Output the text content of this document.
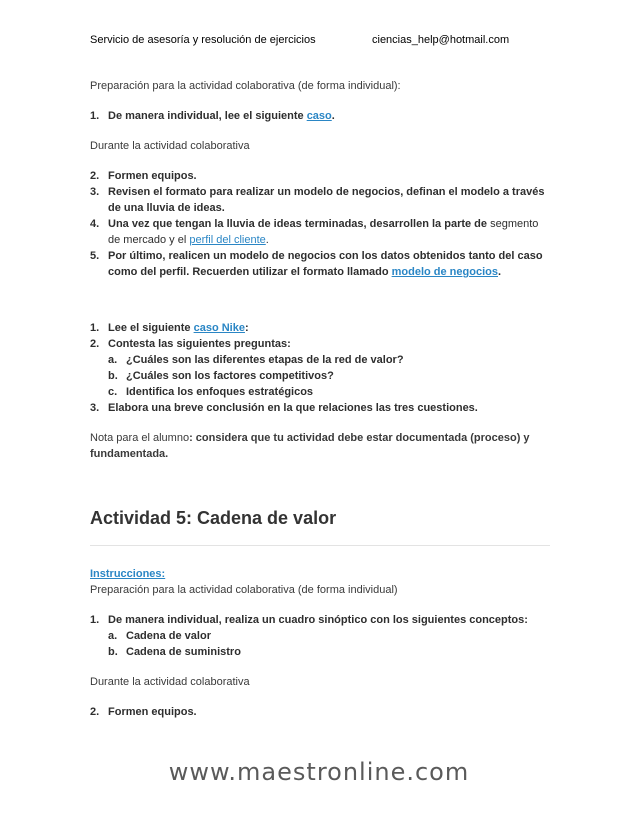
Servicio de asesoría y resolución de ejercicios	ciencias_help@hotmail.com

Preparación para la actividad colaborativa (de forma individual):

1. De manera individual, lee el siguiente caso.

Durante la actividad colaborativa

2. Formen equipos.
3. Revisen el formato para realizar un modelo de negocios, definan el modelo a través de una lluvia de ideas.
4. Una vez que tengan la lluvia de ideas terminadas, desarrollen la parte de segmento de mercado y el perfil del cliente.
5. Por último, realicen un modelo de negocios con los datos obtenidos tanto del caso como del perfil. Recuerden utilizar el formato llamado modelo de negocios.
1. Lee el siguiente caso Nike:
2. Contesta las siguientes preguntas:
a. ¿Cuáles son las diferentes etapas de la red de valor?
b. ¿Cuáles son los factores competitivos?
c. Identifica los enfoques estratégicos
3. Elabora una breve conclusión en la que relaciones las tres cuestiones.

Nota para el alumno: considera que tu actividad debe estar documentada (proceso) y fundamentada.

Actividad 5: Cadena de valor

Instrucciones:

Preparación para la actividad colaborativa (de forma individual)

1. De manera individual, realiza un cuadro sinóptico con los siguientes conceptos:
a. Cadena de valor
b. Cadena de suministro

Durante la actividad colaborativa

2. Formen equipos.
www.maestronline.com
